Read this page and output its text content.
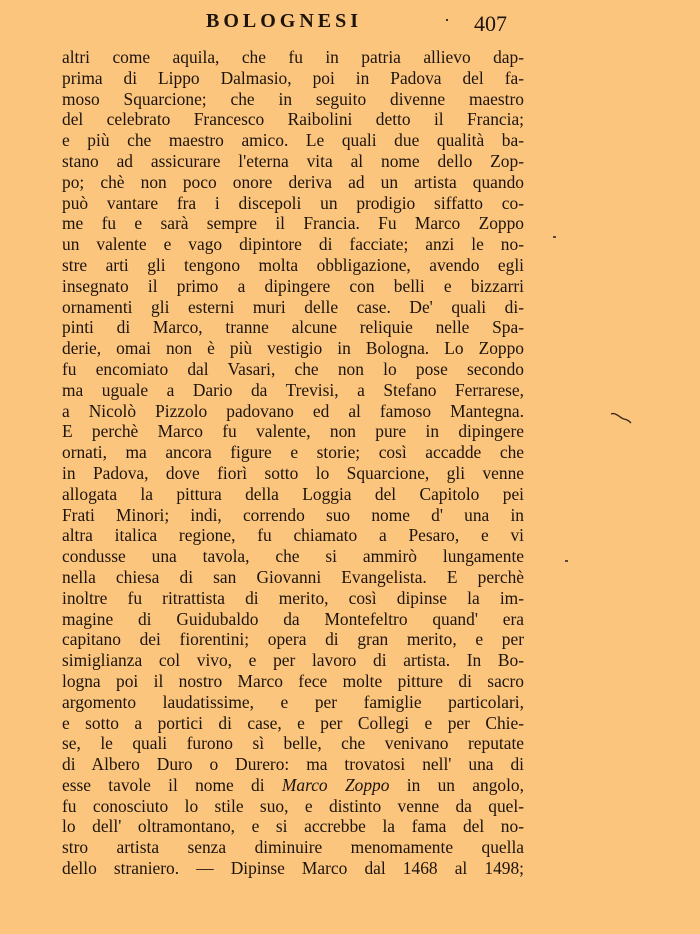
BOLOGNESI	· 407
altri come aquila, che fu in patria allievo dap-
prima di Lippo Dalmasio, poi in Padova del fa-
moso Squarcione; che in seguito divenne maestro
del celebrato Francesco Raibolini detto il Francia;
e più che maestro amico. Le quali due qualità ba-
stano ad assicurare l'eterna vita al nome dello Zop-
po; chè non poco onore deriva ad un artista quando
può vantare fra i discepoli un prodigio siffatto co-
me fu e sarà sempre il Francia. Fu Marco Zoppo
un valente e vago dipintore di facciate; anzi le no-
stre arti gli tengono molta obbligazione, avendo egli
insegnato il primo a dipingere con belli e bizzarri
ornamenti gli esterni muri delle case. De' quali di-
pinti di Marco, tranne alcune reliquie nelle Spa-
derie, omai non è più vestigio in Bologna. Lo Zoppo
fu encomiato dal Vasari, che non lo pose secondo
ma uguale a Dario da Trevisi, a Stefano Ferrarese,
a Nicolò Pizzolo padovano ed al famoso Mantegna.
E perchè Marco fu valente, non pure in dipingere
ornati, ma ancora figure e storie; così accadde che
in Padova, dove fiorì sotto lo Squarcione, gli venne
allogata la pittura della Loggia del Capitolo pei
Frati Minori; indi, correndo suo nome d' una in
altra italica regione, fu chiamato a Pesaro, e vi
condusse una tavola, che si ammirò lungamente
nella chiesa di san Giovanni Evangelista. E perchè
inoltre fu ritrattista di merito, così dipinse la im-
magine di Guidubaldo da Montefeltro quand' era
capitano dei fiorentini; opera di gran merito, e per
simiglianza col vivo, e per lavoro di artista. In Bo-
logna poi il nostro Marco fece molte pitture di sacro
argomento laudatissime, e per famiglie particolari,
e sotto a portici di case, e per Collegi e per Chie-
se, le quali furono sì belle, che venivano reputate
di Albero Duro o Durero: ma trovatosi nell' una di
esse tavole il nome di Marco Zoppo in un angolo,
fu conosciuto lo stile suo, e distinto venne da quel-
lo dell' oltramontano, e si accrebbe la fama del no-
stro artista senza diminuire menomamente quella
dello straniero. — Dipinse Marco dal 1468 al 1498;
